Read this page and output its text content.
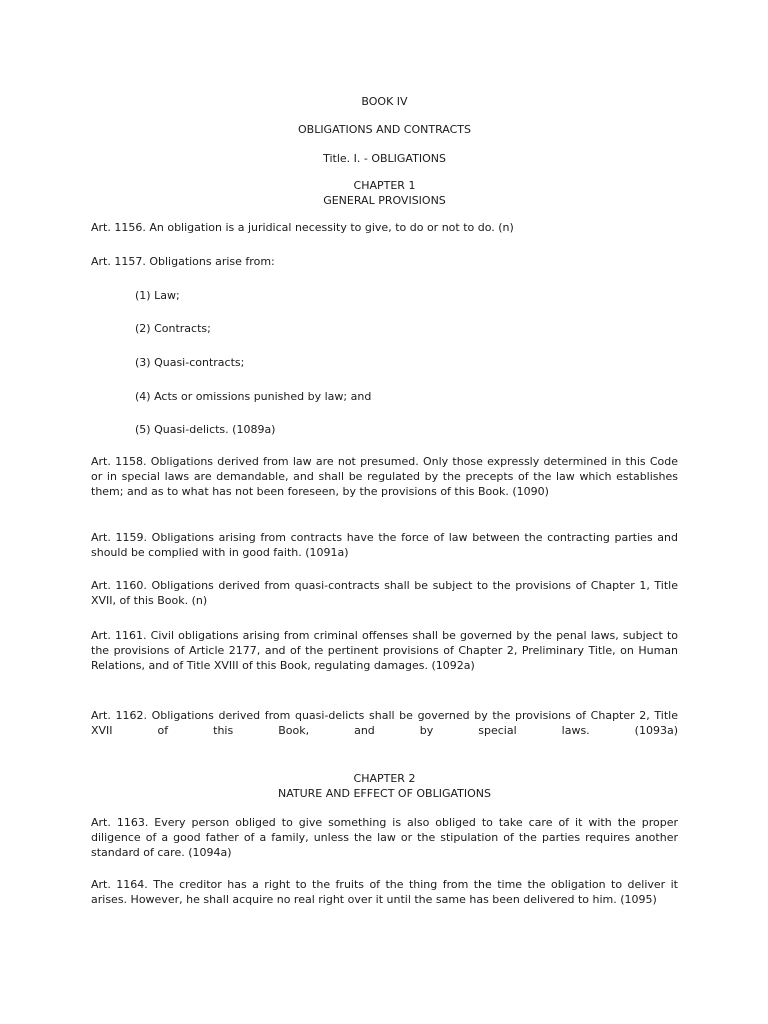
BOOK IV

OBLIGATIONS AND CONTRACTS

Title. I. - OBLIGATIONS

CHAPTER 1

GENERAL PROVISIONS

Art. 1156. An obligation is a juridical necessity to give, to do or not to do. (n)

Art. 1157. Obligations arise from:

(1) Law;

(2) Contracts;

(3) Quasi-contracts;

(4) Acts or omissions punished by law; and

(5) Quasi-delicts. (1089a)

Art. 1158. Obligations derived from law are not presumed. Only those expressly determined in this Code or in special laws are demandable, and shall be regulated by the precepts of the law which establishes them; and as to what has not been foreseen, by the provisions of this Book. (1090)

Art. 1159. Obligations arising from contracts have the force of law between the contracting parties and should be complied with in good faith. (1091a)

Art. 1160. Obligations derived from quasi-contracts shall be subject to the provisions of Chapter 1, Title XVII, of this Book. (n)

Art. 1161. Civil obligations arising from criminal offenses shall be governed by the penal laws, subject to the provisions of Article 2177, and of the pertinent provisions of Chapter 2, Preliminary Title, on Human Relations, and of Title XVIII of this Book, regulating damages. (1092a)

Art. 1162. Obligations derived from quasi-delicts shall be governed by the provisions of Chapter 2, Title XVII of this Book, and by special laws. (1093a)

CHAPTER 2

NATURE AND EFFECT OF OBLIGATIONS

Art. 1163. Every person obliged to give something is also obliged to take care of it with the proper diligence of a good father of a family, unless the law or the stipulation of the parties requires another standard of care. (1094a)

Art. 1164. The creditor has a right to the fruits of the thing from the time the obligation to deliver it arises. However, he shall acquire no real right over it until the same has been delivered to him. (1095)
